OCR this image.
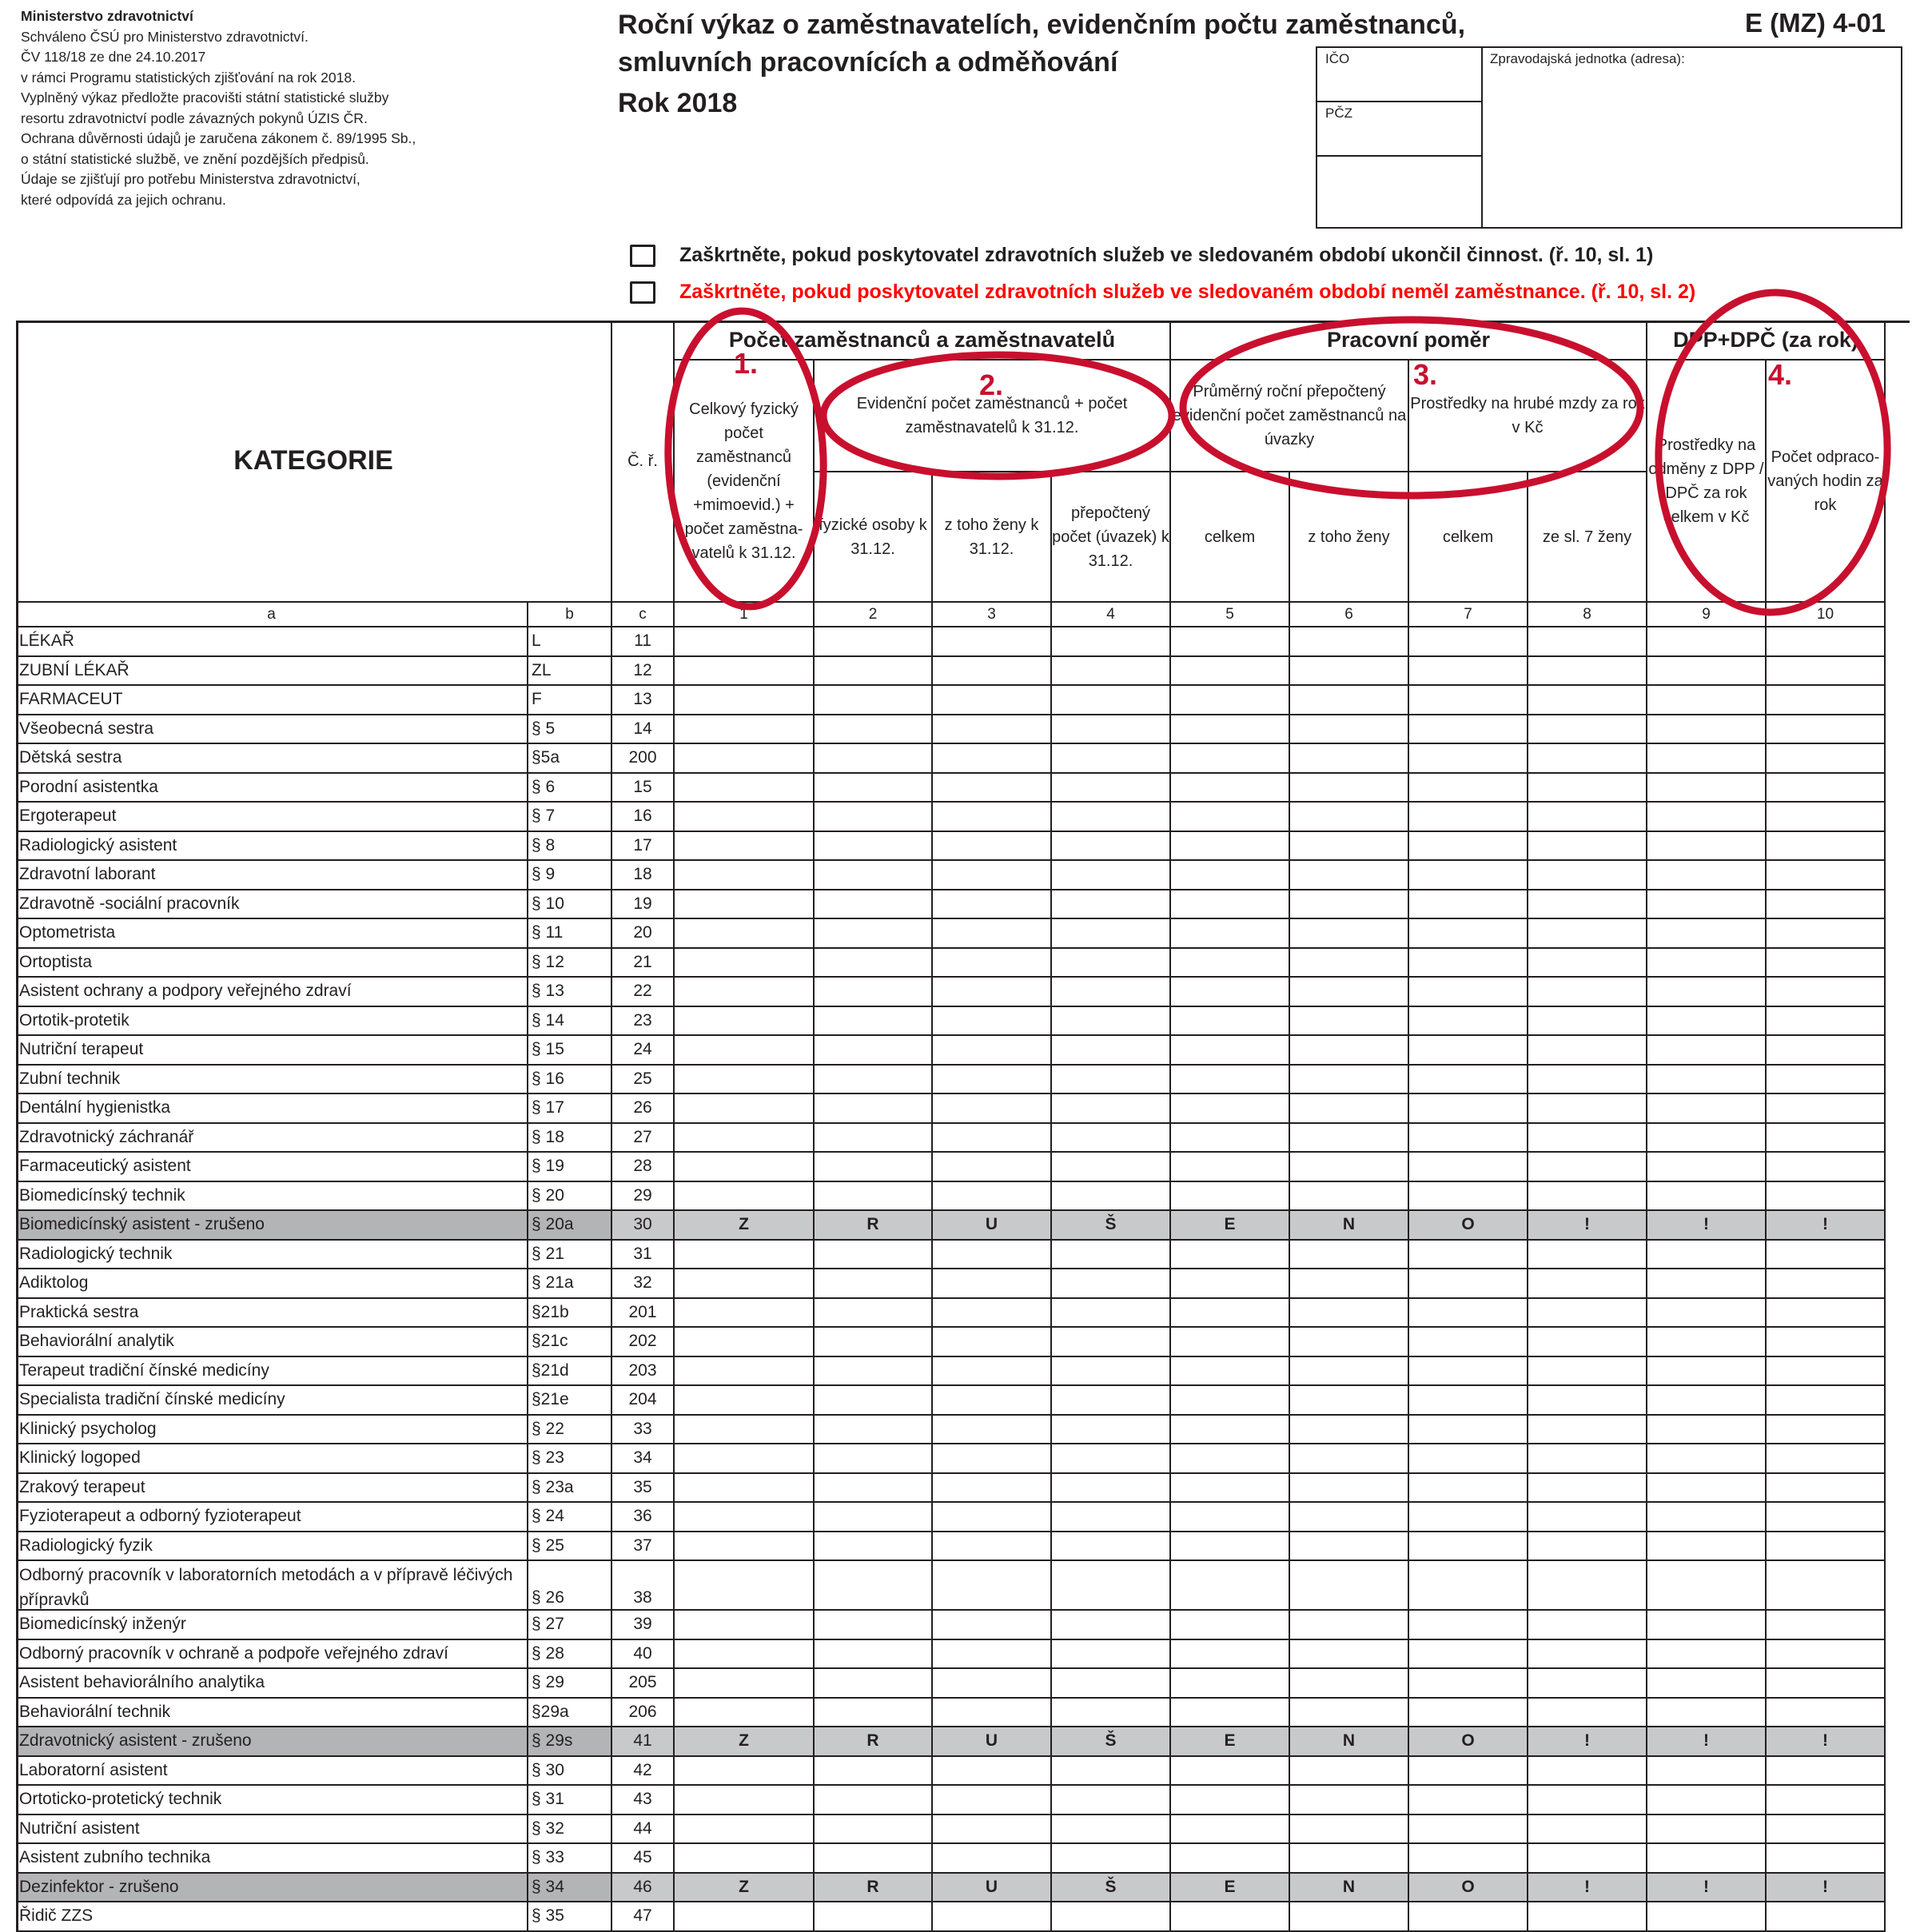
Ministerstvo zdravotnictví
Schváleno ČSÚ pro Ministerstvo zdravotnictví.
ČV 118/18 ze dne 24.10.2017
v rámci Programu statistických zjišťování na rok 2018.
Vyplněný výkaz předložte pracovišti státní statistické služby
resortu zdravotnictví podle závazných pokynů ÚZIS ČR.
Ochrana důvěrnosti údajů je zaručena zákonem č. 89/1995 Sb.,
o státní statistické službě, ve znění pozdějších předpisů.
Údaje se zjišťují pro potřebu Ministerstva zdravotnictví,
které odpovídá za jejich ochranu.
Roční výkaz o zaměstnavatelích, evidenčním počtu zaměstnanců,
smluvních pracovnících a odměňování
Rok 2018
E (MZ) 4-01
IČO
PČZ
Zpravodajská jednotka (adresa):
Zaškrtněte, pokud poskytovatel zdravotních služeb ve sledovaném období ukončil činnost. (ř. 10, sl. 1)
Zaškrtněte, pokud poskytovatel zdravotních služeb ve sledovaném období neměl zaměstnance. (ř. 10, sl. 2)
KATEGORIE	Č. ř.
Počet zaměstnanců a zaměstnavatelů	Pracovní poměr	DPP+DPČ (za rok)
Celkový fyzický počet zaměstnanců (evidenční +mimoevid.) + počet zaměstna-vatelů k 31.12.
Evidenční počet zaměstnanců + počet zaměstnavatelů k 31.12.
Průměrný roční přepočtený evidenční počet zaměstnanců na úvazky
Prostředky na hrubé mzdy za rok v Kč
Prostředky na odměny z DPP / DPČ za rok celkem v Kč
Počet odpraco-vaných hodin za rok
fyzické osoby k 31.12.
z toho ženy k 31.12.
přepočtený počet (úvazek) k 31.12.
celkem	z toho ženy	celkem	ze sl. 7 ženy
a	b	c	1	2	3	4	5	6	7	8	9	10
LÉKAŘ	L	11
ZUBNÍ LÉKAŘ	ZL	12
FARMACEUT	F	13
Všeobecná sestra	§ 5	14
Dětská sestra	§5a	200
Porodní asistentka	§ 6	15
Ergoterapeut	§ 7	16
Radiologický asistent	§ 8	17
Zdravotní laborant	§ 9	18
Zdravotně -sociální pracovník	§ 10	19
Optometrista	§ 11	20
Ortoptista	§ 12	21
Asistent ochrany a podpory veřejného zdraví	§ 13	22
Ortotik-protetik	§ 14	23
Nutriční terapeut	§ 15	24
Zubní technik	§ 16	25
Dentální hygienistka	§ 17	26
Zdravotnický záchranář	§ 18	27
Farmaceutický asistent	§ 19	28
Biomedicínský technik	§ 20	29
Biomedicínský asistent - zrušeno	§ 20a	30	Z	R	U	Š	E	N	O	!	!	!
Radiologický technik	§ 21	31
Adiktolog	§ 21a	32
Praktická sestra	§21b	201
Behaviorální analytik	§21c	202
Terapeut tradiční čínské medicíny	§21d	203
Specialista tradiční čínské medicíny	§21e	204
Klinický psycholog	§ 22	33
Klinický logoped	§ 23	34
Zrakový terapeut	§ 23a	35
Fyzioterapeut a odborný fyzioterapeut	§ 24	36
Radiologický fyzik	§ 25	37
Odborný pracovník v laboratorních metodách a v přípravě léčivých přípravků	§ 26	38
Biomedicínský inženýr	§ 27	39
Odborný pracovník v ochraně a podpoře veřejného zdraví	§ 28	40
Asistent behaviorálního analytika	§ 29	205
Behaviorální technik	§29a	206
Zdravotnický asistent - zrušeno	§ 29s	41	Z	R	U	Š	E	N	O	!	!	!
Laboratorní asistent	§ 30	42
Ortoticko-protetický technik	§ 31	43
Nutriční asistent	§ 32	44
Asistent zubního technika	§ 33	45
Dezinfektor - zrušeno	§ 34	46	Z	R	U	Š	E	N	O	!	!	!
Řidič ZZS	§ 35	47
1.
2.	3.	4.
